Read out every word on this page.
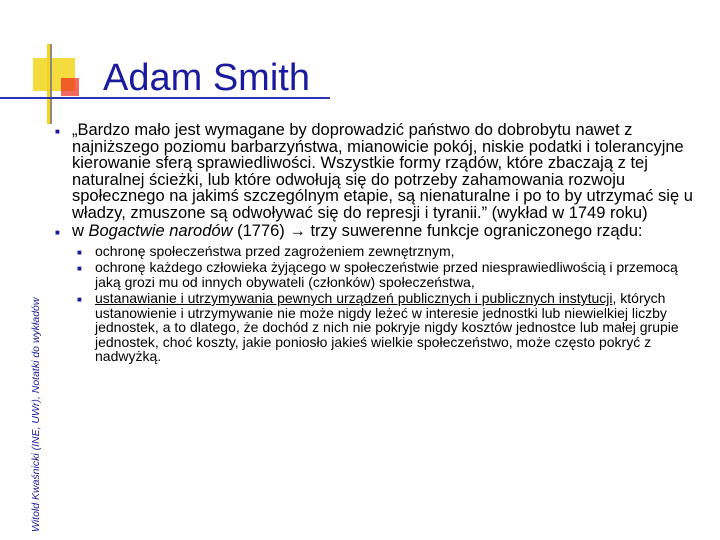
Adam Smith
Witold Kwaśnicki (INE, UWr), Notatki do wykładów
■ „Bardzo mało jest wymagane by doprowadzić państwo do dobrobytu nawet z najniższego poziomu barbarzyństwa, mianowicie pokój, niskie podatki i tolerancyjne kierowanie sferą sprawiedliwości. Wszystkie formy rządów, które zbaczają z tej naturalnej ścieżki, lub które odwołują się do potrzeby zahamowania rozwoju społecznego na jakimś szczególnym etapie, są nienaturalne i po to by utrzymać się u władzy, zmuszone są odwoływać się do represji i tyranii.” (wykład w 1749 roku)
■ w Bogactwie narodów (1776) → trzy suwerenne funkcje ograniczonego rządu:
■ ochronę społeczeństwa przed zagrożeniem zewnętrznym,
■ ochronę każdego człowieka żyjącego w społeczeństwie przed niesprawiedliwością i przemocą jaką grozi mu od innych obywateli (członków) społeczeństwa,
■ ustanawianie i utrzymywania pewnych urządzeń publicznych i publicznych instytucji, których ustanowienie i utrzymywanie nie może nigdy leżeć w interesie jednostki lub niewielkiej liczby jednostek, a to dlatego, że dochód z nich nie pokryje nigdy kosztów jednostce lub małej grupie jednostek, choć koszty, jakie poniosło jakieś wielkie społeczeństwo, może często pokryć z nadwyżką.
